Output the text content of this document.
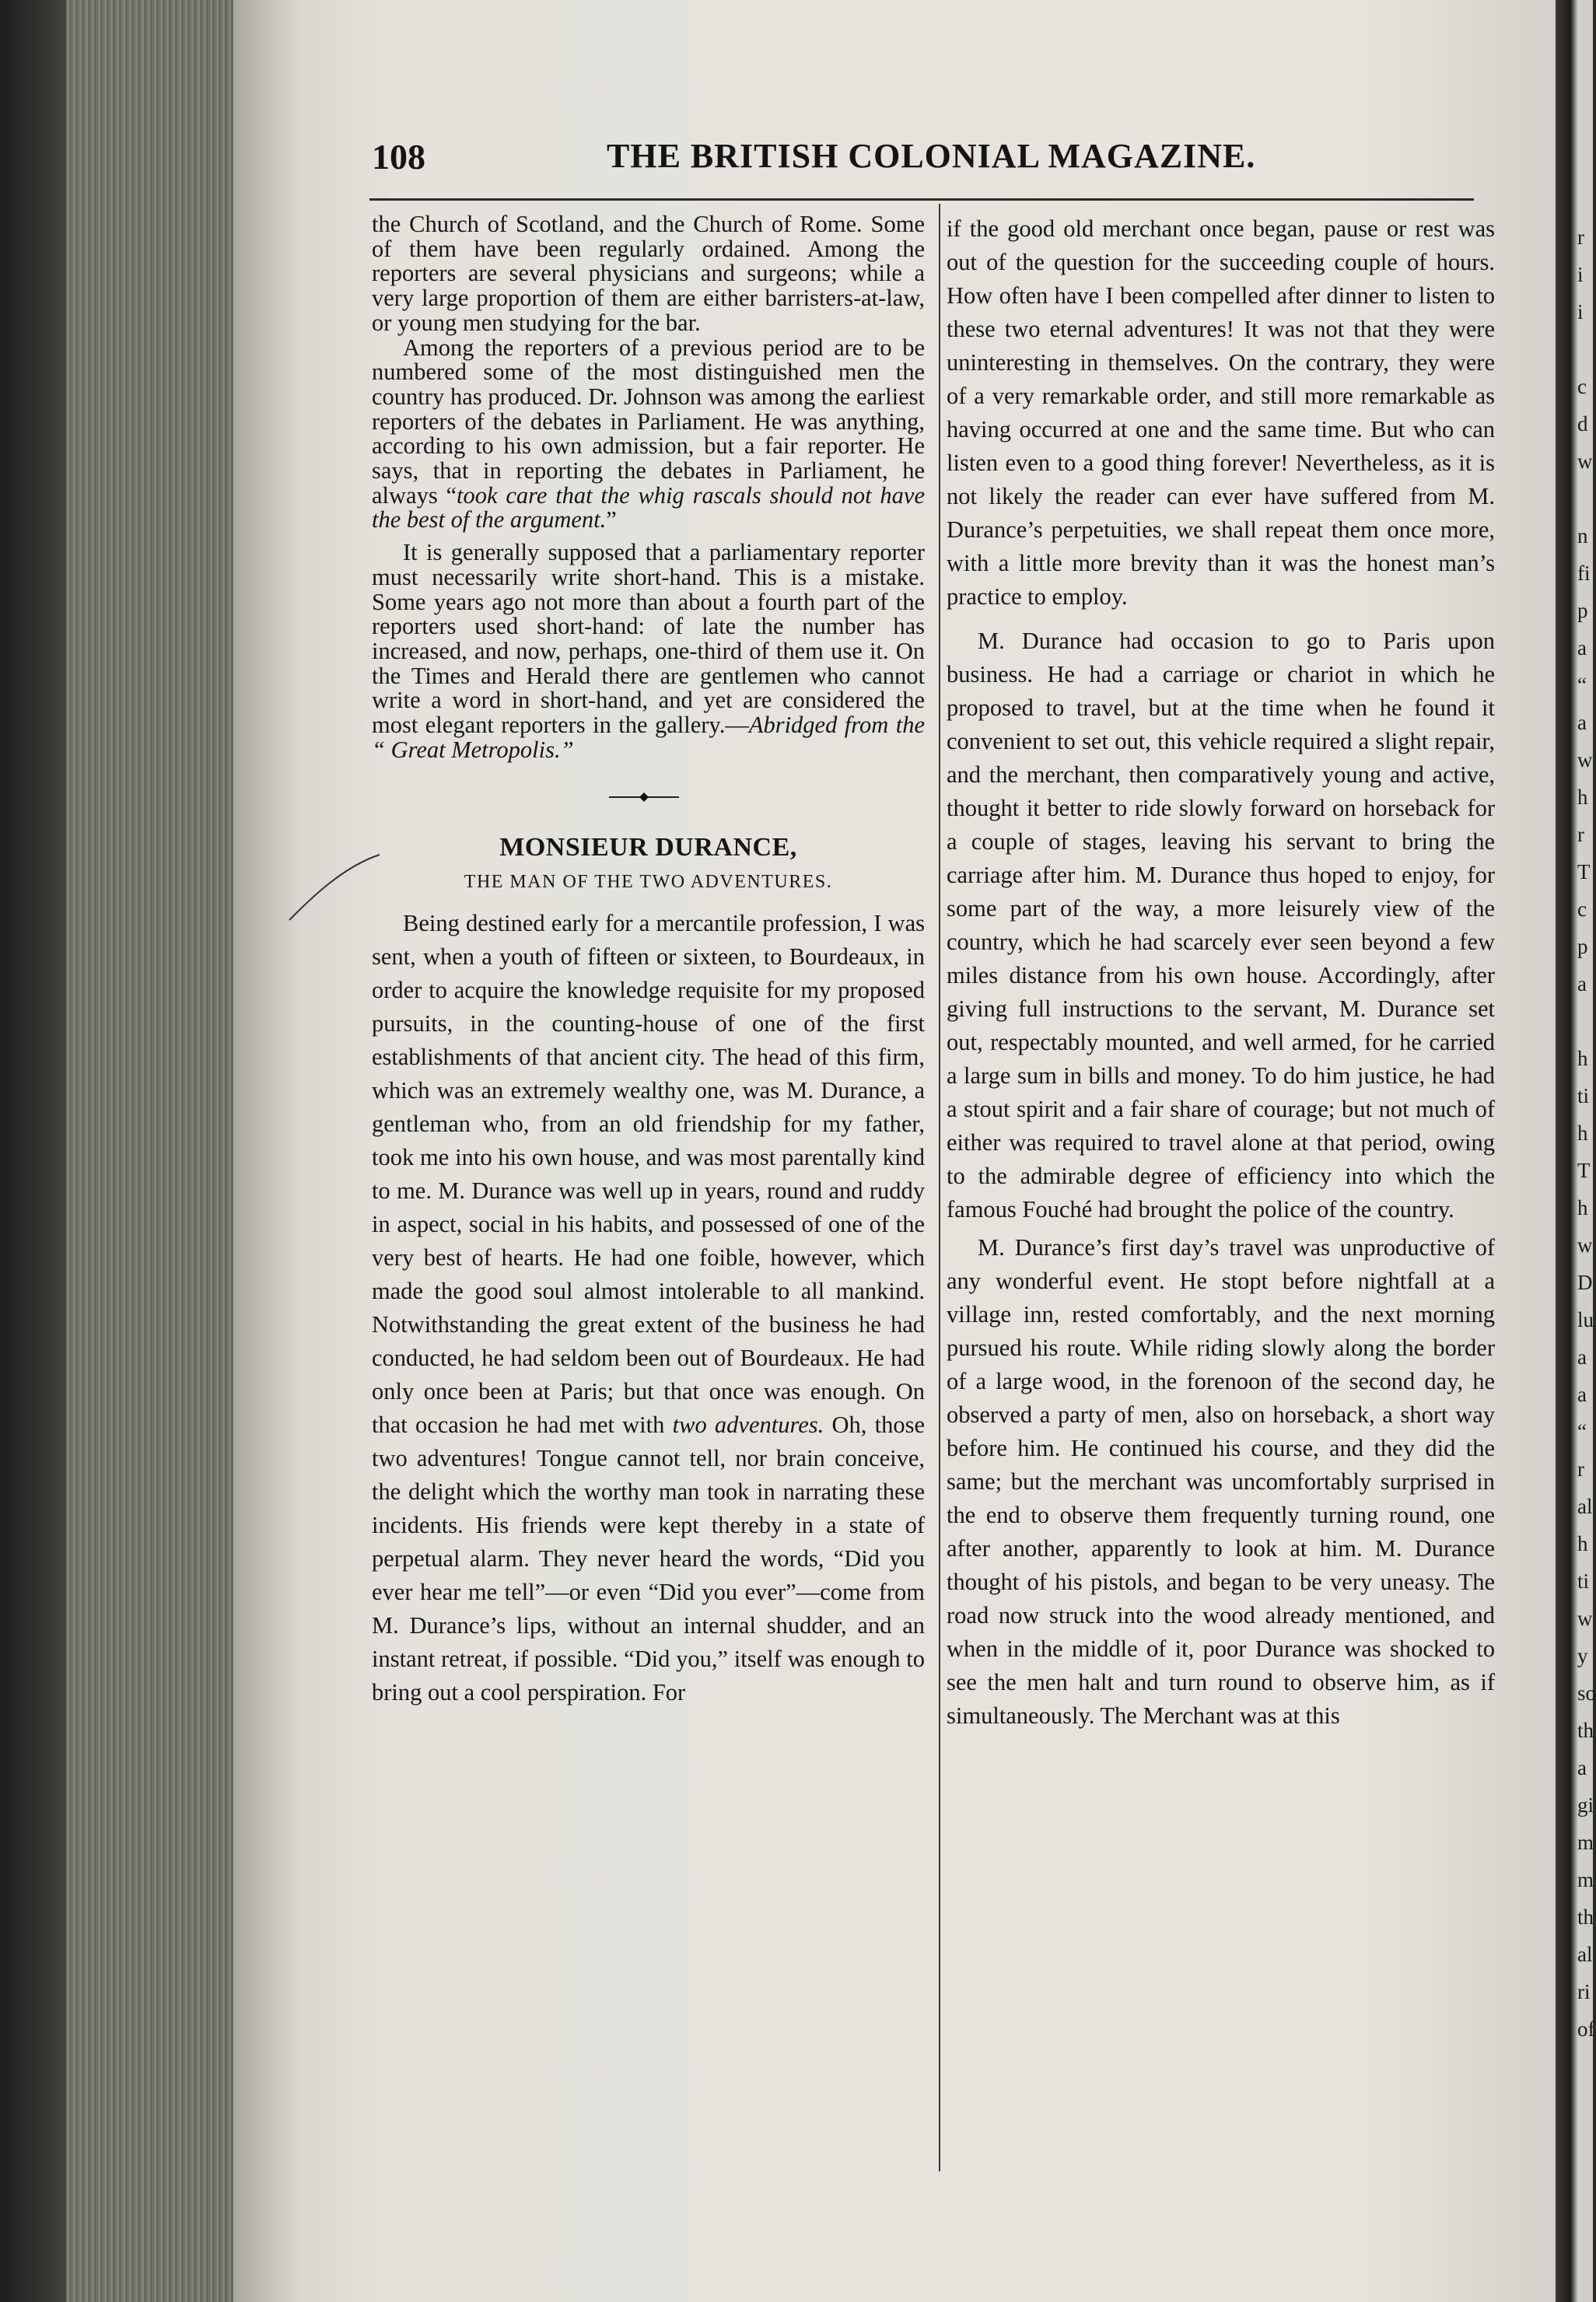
r
i
i
c
d
w
n
fi
p
a
“
a
w
h
r
T
c
p
a
h
ti
h
T
h
w
D
lu
a
a
“
r
al
h
ti
w
y
so
th
a
gi
m
m
th
al
ri
of
108	THE BRITISH COLONIAL MAGAZINE.

the Church of Scotland, and the Church of Rome. Some of them have been regularly ordained. Among the reporters are several physicians and surgeons; while a very large proportion of them are either barristers-at-law, or young men studying for the bar.

Among the reporters of a previous period are to be numbered some of the most distinguished men the country has produced. Dr. Johnson was among the earliest reporters of the debates in Parliament. He was anything, according to his own admission, but a fair reporter. He says, that in reporting the debates in Parliament, he always “took care that the whig rascals should not have the best of the argument.”

It is generally supposed that a parliamentary reporter must necessarily write short-hand. This is a mistake. Some years ago not more than about a fourth part of the reporters used short-hand: of late the number has increased, and now, perhaps, one-third of them use it. On the Times and Herald there are gentlemen who cannot write a word in short-hand, and yet are considered the most elegant reporters in the gallery.—Abridged from the “ Great Metropolis.”

MONSIEUR DURANCE,

THE MAN OF THE TWO ADVENTURES.

Being destined early for a mercantile profession, I was sent, when a youth of fifteen or sixteen, to Bourdeaux, in order to acquire the knowledge requisite for my proposed pursuits, in the counting-house of one of the first establishments of that ancient city. The head of this firm, which was an extremely wealthy one, was M. Durance, a gentleman who, from an old friendship for my father, took me into his own house, and was most parentally kind to me. M. Durance was well up in years, round and ruddy in aspect, social in his habits, and possessed of one of the very best of hearts. He had one foible, however, which made the good soul almost intolerable to all mankind. Notwithstanding the great extent of the business he had conducted, he had seldom been out of Bourdeaux. He had only once been at Paris; but that once was enough. On that occasion he had met with two adventures. Oh, those two adventures! Tongue cannot tell, nor brain conceive, the delight which the worthy man took in narrating these incidents. His friends were kept thereby in a state of perpetual alarm. They never heard the words, “Did you ever hear me tell”—or even “Did you ever”—come from M. Durance’s lips, without an internal shudder, and an instant retreat, if possible. “Did you,” itself was enough to bring out a cool perspiration. For

if the good old merchant once began, pause or rest was out of the question for the succeeding couple of hours. How often have I been compelled after dinner to listen to these two eternal adventures! It was not that they were uninteresting in themselves. On the contrary, they were of a very remarkable order, and still more remarkable as having occurred at one and the same time. But who can listen even to a good thing forever! Nevertheless, as it is not likely the reader can ever have suffered from M. Durance’s perpetuities, we shall repeat them once more, with a little more brevity than it was the honest man’s practice to employ.

M. Durance had occasion to go to Paris upon business. He had a carriage or chariot in which he proposed to travel, but at the time when he found it convenient to set out, this vehicle required a slight repair, and the merchant, then comparatively young and active, thought it better to ride slowly forward on horseback for a couple of stages, leaving his servant to bring the carriage after him. M. Durance thus hoped to enjoy, for some part of the way, a more leisurely view of the country, which he had scarcely ever seen beyond a few miles distance from his own house. Accordingly, after giving full instructions to the servant, M. Durance set out, respectably mounted, and well armed, for he carried a large sum in bills and money. To do him justice, he had a stout spirit and a fair share of courage; but not much of either was required to travel alone at that period, owing to the admirable degree of efficiency into which the famous Fouché had brought the police of the country.

M. Durance’s first day’s travel was unproductive of any wonderful event. He stopt before nightfall at a village inn, rested comfortably, and the next morning pursued his route. While riding slowly along the border of a large wood, in the forenoon of the second day, he observed a party of men, also on horseback, a short way before him. He continued his course, and they did the same; but the merchant was uncomfortably surprised in the end to observe them frequently turning round, one after another, apparently to look at him. M. Durance thought of his pistols, and began to be very uneasy. The road now struck into the wood already mentioned, and when in the middle of it, poor Durance was shocked to see the men halt and turn round to observe him, as if simultaneously. The Merchant was at this
